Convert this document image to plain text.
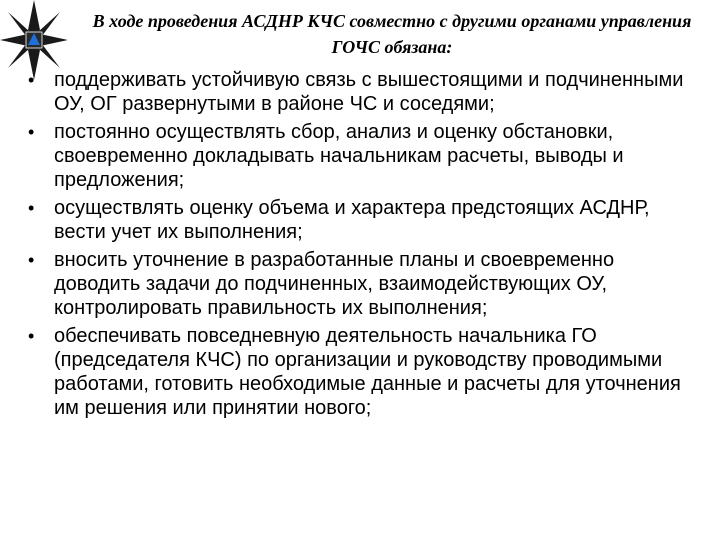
В ходе проведения АСДНР КЧС совместно с другими органами управления ГОЧС обязана:
• поддерживать устойчивую связь с вышестоящими и подчиненными ОУ, ОГ развернутыми в районе ЧС и соседями;
• постоянно осуществлять сбор, анализ и оценку обстановки, своевременно докладывать начальникам расчеты, выводы и предложения;
• осуществлять оценку объема и характера предстоящих АСДНР, вести учет их выполнения;
• вносить уточнение в разработанные планы и своевременно доводить задачи до подчиненных, взаимодействующих ОУ, контролировать правильность их выполнения;
• обеспечивать повседневную деятельность начальника ГО (председателя КЧС) по организации и руководству проводимыми работами, готовить необходимые данные и расчеты для уточнения им решения или принятии нового;
